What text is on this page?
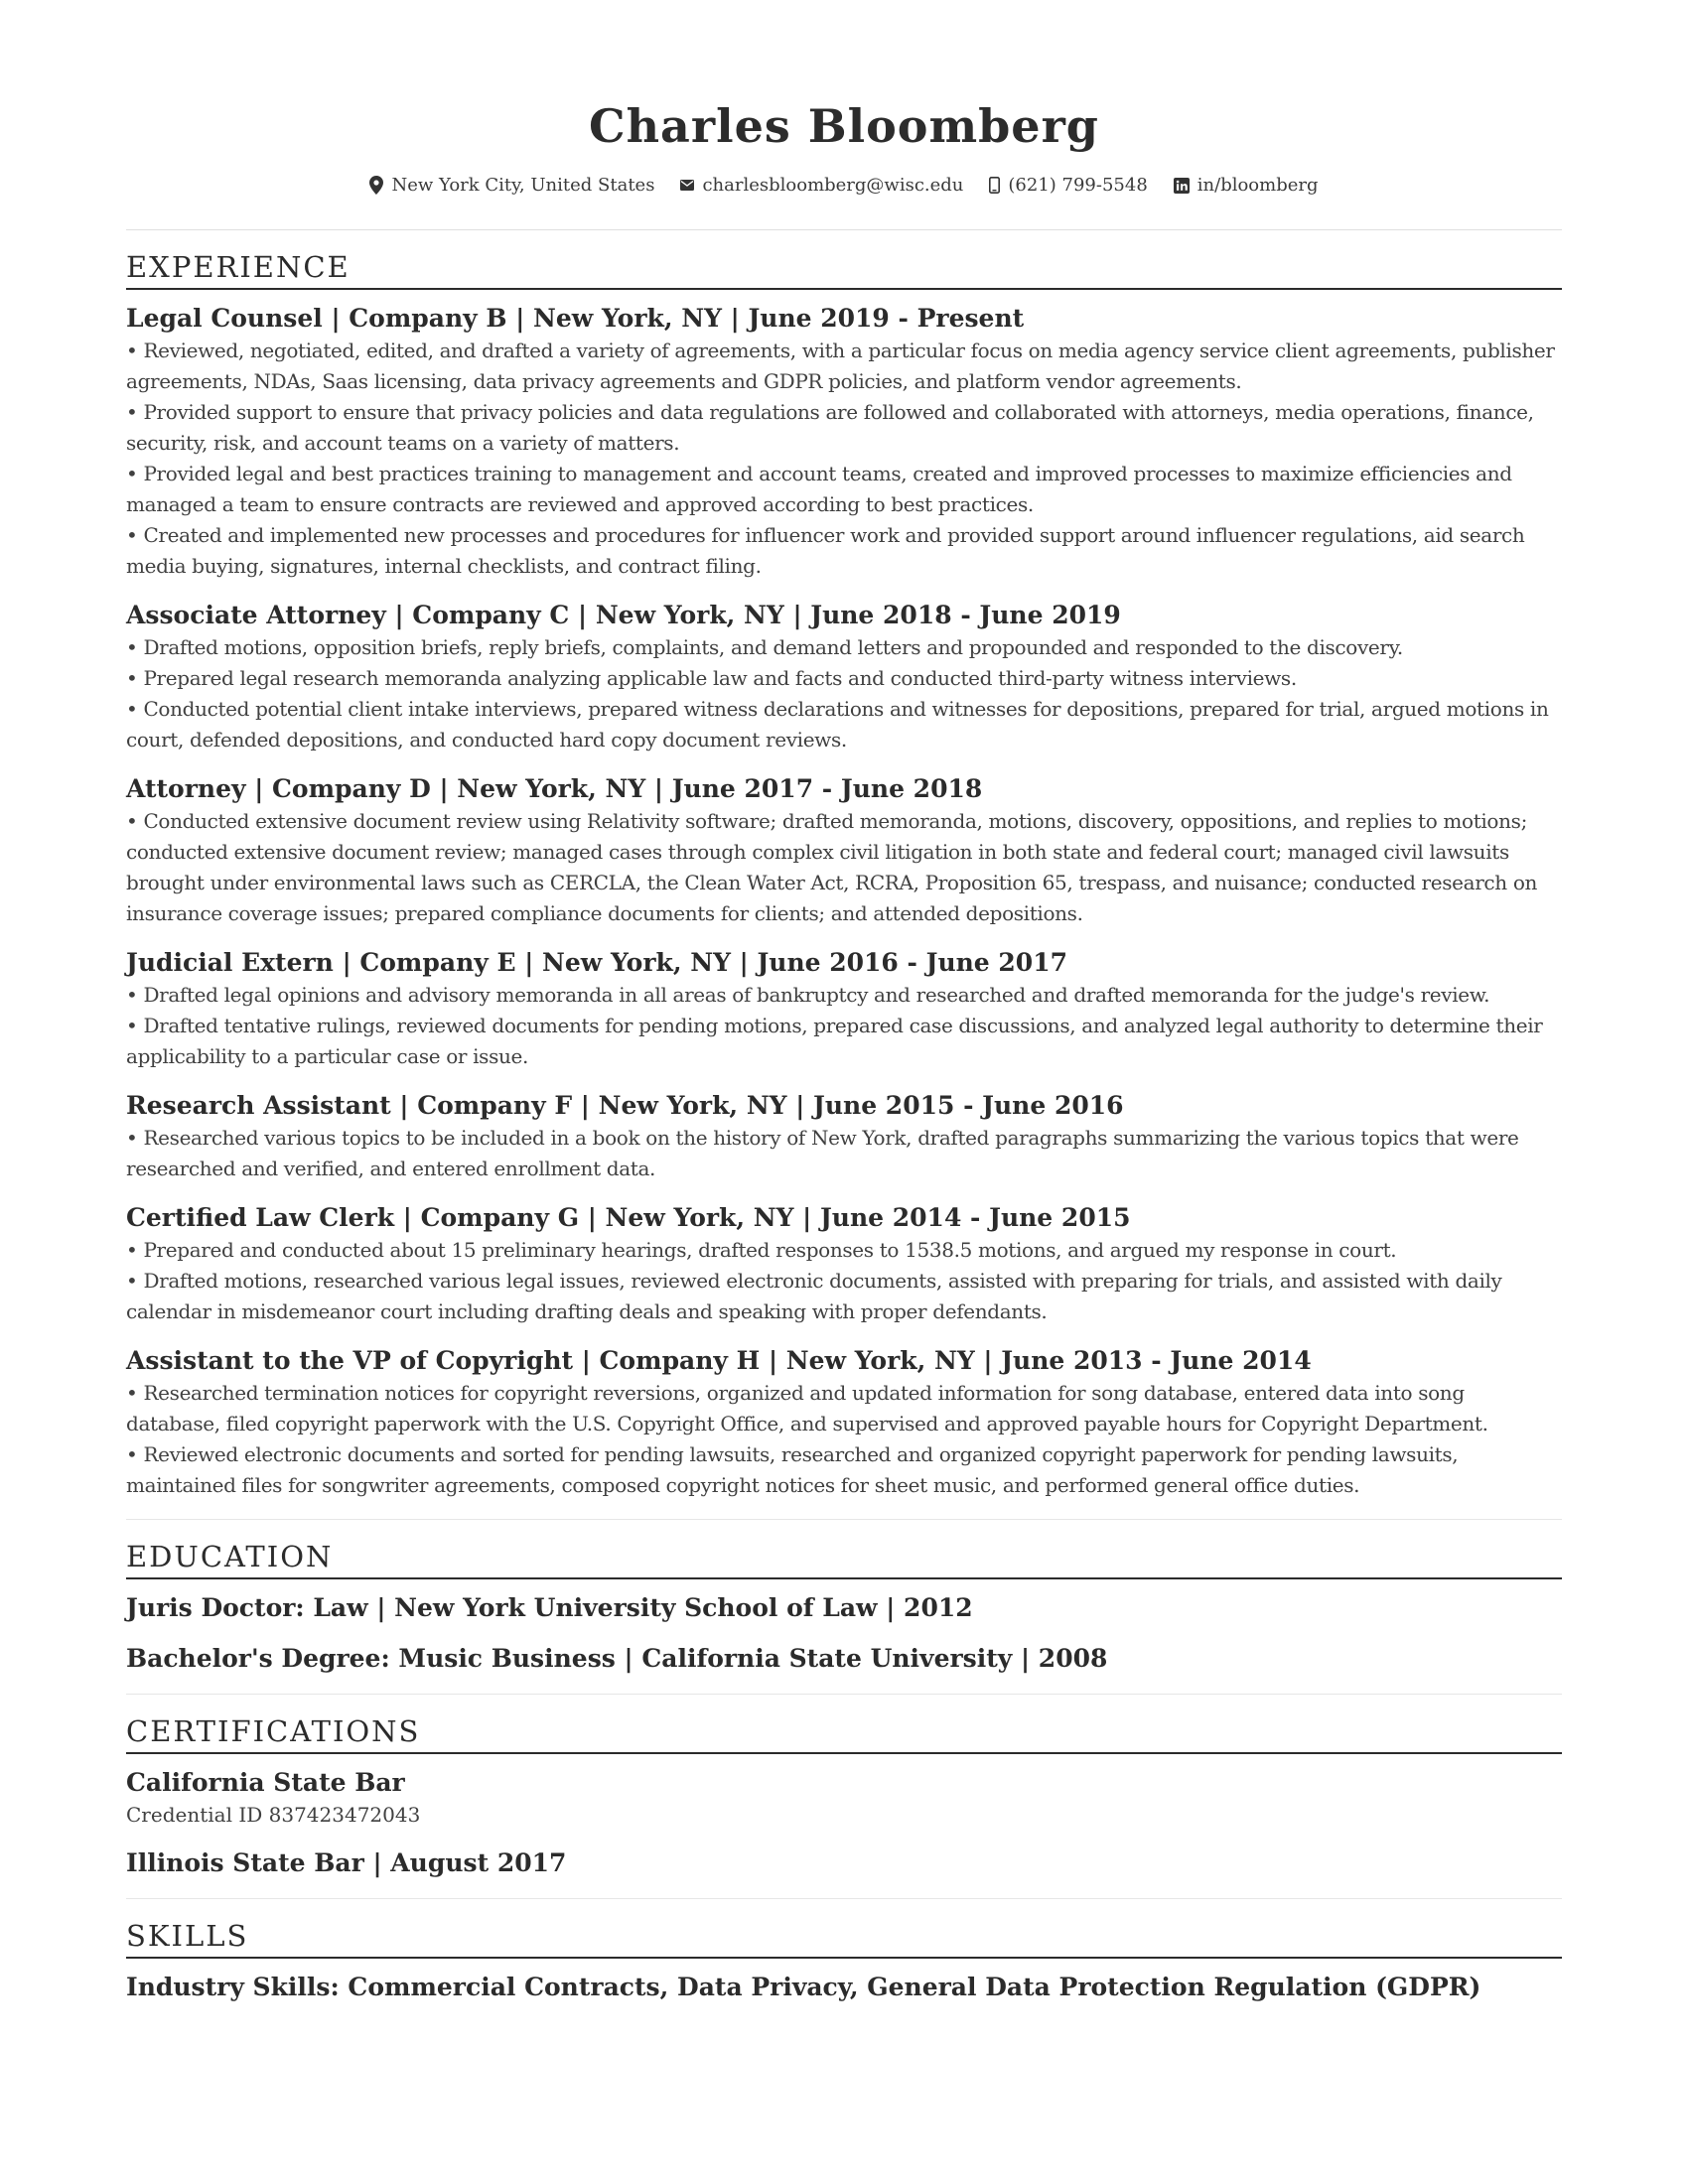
Charles Bloomberg
New York City, United States	charlesbloomberg@wisc.edu	(621) 799-5548	in/bloomberg
EXPERIENCE
Legal Counsel | Company B | New York, NY | June 2019 - Present
• Reviewed, negotiated, edited, and drafted a variety of agreements, with a particular focus on media agency service client agreements, publisher agreements, NDAs, Saas licensing, data privacy agreements and GDPR policies, and platform vendor agreements.
• Provided support to ensure that privacy policies and data regulations are followed and collaborated with attorneys, media operations, finance, security, risk, and account teams on a variety of matters.
• Provided legal and best practices training to management and account teams, created and improved processes to maximize efficiencies and managed a team to ensure contracts are reviewed and approved according to best practices.
• Created and implemented new processes and procedures for influencer work and provided support around influencer regulations, aid search media buying, signatures, internal checklists, and contract filing.
Associate Attorney | Company C | New York, NY | June 2018 - June 2019
• Drafted motions, opposition briefs, reply briefs, complaints, and demand letters and propounded and responded to the discovery.
• Prepared legal research memoranda analyzing applicable law and facts and conducted third-party witness interviews.
• Conducted potential client intake interviews, prepared witness declarations and witnesses for depositions, prepared for trial, argued motions in court, defended depositions, and conducted hard copy document reviews.
Attorney | Company D | New York, NY | June 2017 - June 2018
• Conducted extensive document review using Relativity software; drafted memoranda, motions, discovery, oppositions, and replies to motions; conducted extensive document review; managed cases through complex civil litigation in both state and federal court; managed civil lawsuits brought under environmental laws such as CERCLA, the Clean Water Act, RCRA, Proposition 65, trespass, and nuisance; conducted research on insurance coverage issues; prepared compliance documents for clients; and attended depositions.
Judicial Extern | Company E | New York, NY | June 2016 - June 2017
• Drafted legal opinions and advisory memoranda in all areas of bankruptcy and researched and drafted memoranda for the judge's review.
• Drafted tentative rulings, reviewed documents for pending motions, prepared case discussions, and analyzed legal authority to determine their applicability to a particular case or issue.
Research Assistant | Company F | New York, NY | June 2015 - June 2016
• Researched various topics to be included in a book on the history of New York, drafted paragraphs summarizing the various topics that were researched and verified, and entered enrollment data.
Certified Law Clerk | Company G | New York, NY | June 2014 - June 2015
• Prepared and conducted about 15 preliminary hearings, drafted responses to 1538.5 motions, and argued my response in court.
• Drafted motions, researched various legal issues, reviewed electronic documents, assisted with preparing for trials, and assisted with daily calendar in misdemeanor court including drafting deals and speaking with proper defendants.
Assistant to the VP of Copyright | Company H | New York, NY | June 2013 - June 2014
• Researched termination notices for copyright reversions, organized and updated information for song database, entered data into song database, filed copyright paperwork with the U.S. Copyright Office, and supervised and approved payable hours for Copyright Department.
• Reviewed electronic documents and sorted for pending lawsuits, researched and organized copyright paperwork for pending lawsuits, maintained files for songwriter agreements, composed copyright notices for sheet music, and performed general office duties.
EDUCATION
Juris Doctor: Law | New York University School of Law | 2012
Bachelor's Degree: Music Business | California State University | 2008
CERTIFICATIONS
California State Bar
Credential ID 837423472043
Illinois State Bar | August 2017
SKILLS
Industry Skills: Commercial Contracts, Data Privacy, General Data Protection Regulation (GDPR)
